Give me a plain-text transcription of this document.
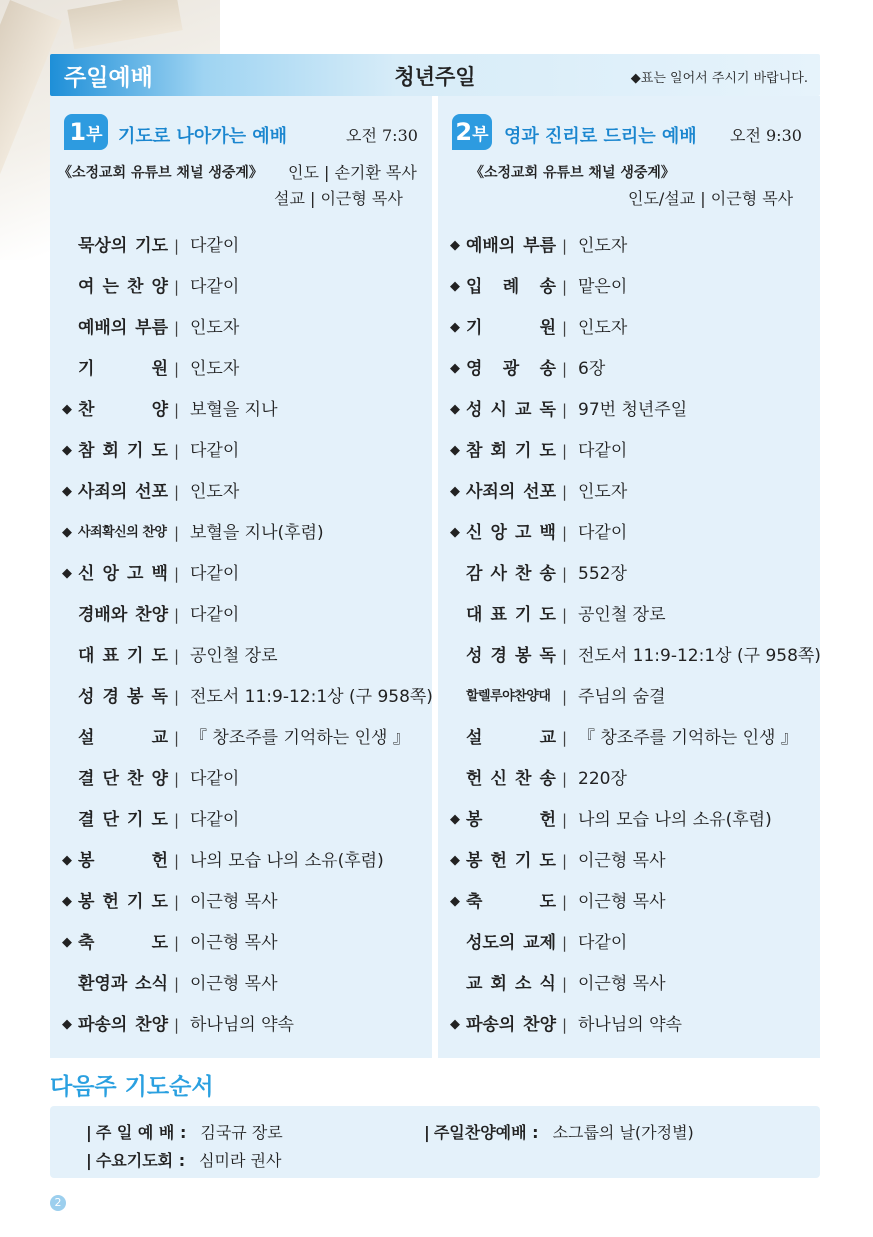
주일예배	청년주일	◆표는 일어서 주시기 바랍니다.
1부 기도로 나아가는 예배	오전 7:30
《소정교회 유튜브 채널 생중계》 인도 | 손기환 목사
설교 | 이근형 목사
묵상의 기도 | 다같이
여 는 찬 양 | 다같이
예배의 부름 | 인도자
기	원 | 인도자
◆ 찬	양 | 보혈을 지나
◆ 참 회 기 도 | 다같이
◆ 사죄의 선포 | 인도자
◆ 사죄확신의 찬양 | 보혈을 지나(후렴)
◆ 신 앙 고 백 | 다같이
경배와 찬양 | 다같이
대 표 기 도 | 공인철 장로
성 경 봉 독 | 전도서 11:9-12:1상 (구 958쪽)
설	교 | 『 창조주를 기억하는 인생 』
결 단 찬 양 | 다같이
결 단 기 도 | 다같이
◆ 봉	헌 | 나의 모습 나의 소유(후렴)
◆ 봉 헌 기 도 | 이근형 목사
◆ 축	도 | 이근형 목사
환영과 소식 | 이근형 목사
◆ 파송의 찬양 | 하나님의 약속
2부 영과 진리로 드리는 예배 오전 9:30
《소정교회 유튜브 채널 생중계》
인도/설교 | 이근형 목사
◆ 예배의 부름 | 인도자
◆ 입 례 송 | 맡은이
◆ 기	원 | 인도자
◆ 영 광 송 | 6장
◆ 성 시 교 독 | 97번 청년주일
◆ 참 회 기 도 | 다같이
◆ 사죄의 선포 | 인도자
◆ 신 앙 고 백 | 다같이
감 사 찬 송 | 552장
대 표 기 도 | 공인철 장로
성 경 봉 독 | 전도서 11:9-12:1상 (구 958쪽)
할렐루야찬양대 | 주님의 숨결
설	교 | 『 창조주를 기억하는 인생 』
헌 신 찬 송 | 220장
◆ 봉	헌 | 나의 모습 나의 소유(후렴)
◆ 봉 헌 기 도 | 이근형 목사
◆ 축	도 | 이근형 목사
성도의 교제 | 다같이
교 회 소 식 | 이근형 목사
◆ 파송의 찬양 | 하나님의 약속
다음주 기도순서
| 주 일 예 배 : 김국규 장로
| 수요기도회 : 심미라 권사
| 주일찬양예배 : 소그룹의 날(가정별)
2
